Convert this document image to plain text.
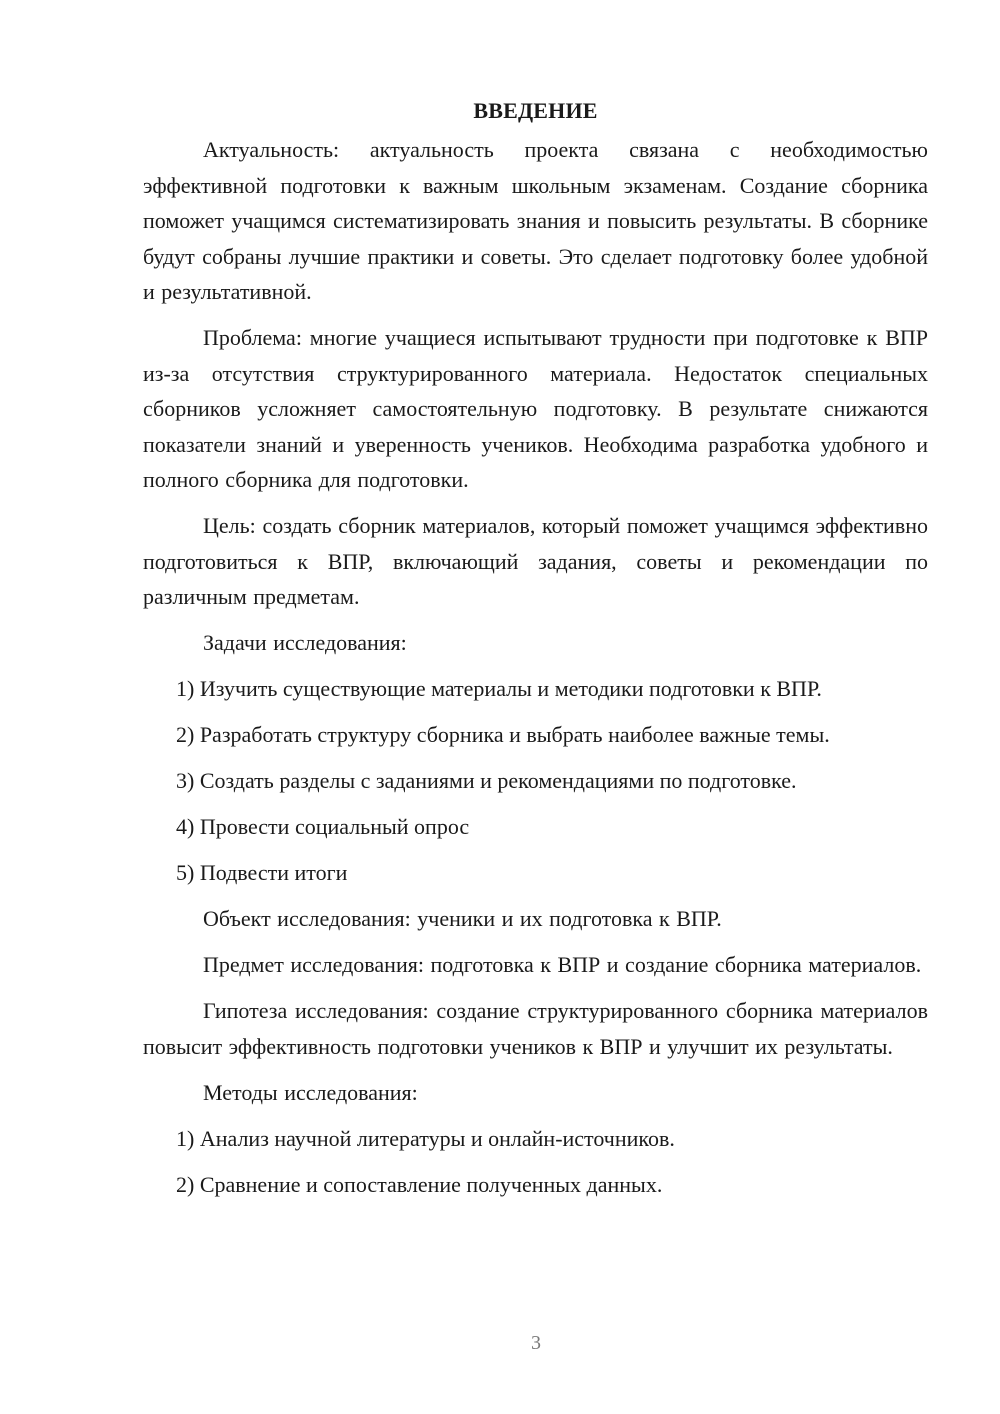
ВВЕДЕНИЕ

Актуальность: актуальность проекта связана с необходимостью эффективной подготовки к важным школьным экзаменам. Создание сборника поможет учащимся систематизировать знания и повысить результаты. В сборнике будут собраны лучшие практики и советы. Это сделает подготовку более удобной и результативной.

Проблема: многие учащиеся испытывают трудности при подготовке к ВПР из-за отсутствия структурированного материала. Недостаток специальных сборников усложняет самостоятельную подготовку. В результате снижаются показатели знаний и уверенность учеников. Необходима разработка удобного и полного сборника для подготовки.

Цель: создать сборник материалов, который поможет учащимся эффективно подготовиться к ВПР, включающий задания, советы и рекомендации по различным предметам.

Задачи исследования:

1) Изучить существующие материалы и методики подготовки к ВПР.

2) Разработать структуру сборника и выбрать наиболее важные темы.

3) Создать разделы с заданиями и рекомендациями по подготовке.

4) Провести социальный опрос

5) Подвести итоги

Объект исследования: ученики и их подготовка к ВПР.

Предмет исследования: подготовка к ВПР и создание сборника материалов.

Гипотеза исследования: создание структурированного сборника материалов повысит эффективность подготовки учеников к ВПР и улучшит их результаты.

Методы исследования:

1) Анализ научной литературы и онлайн-источников.

2) Сравнение и сопоставление полученных данных.

3
